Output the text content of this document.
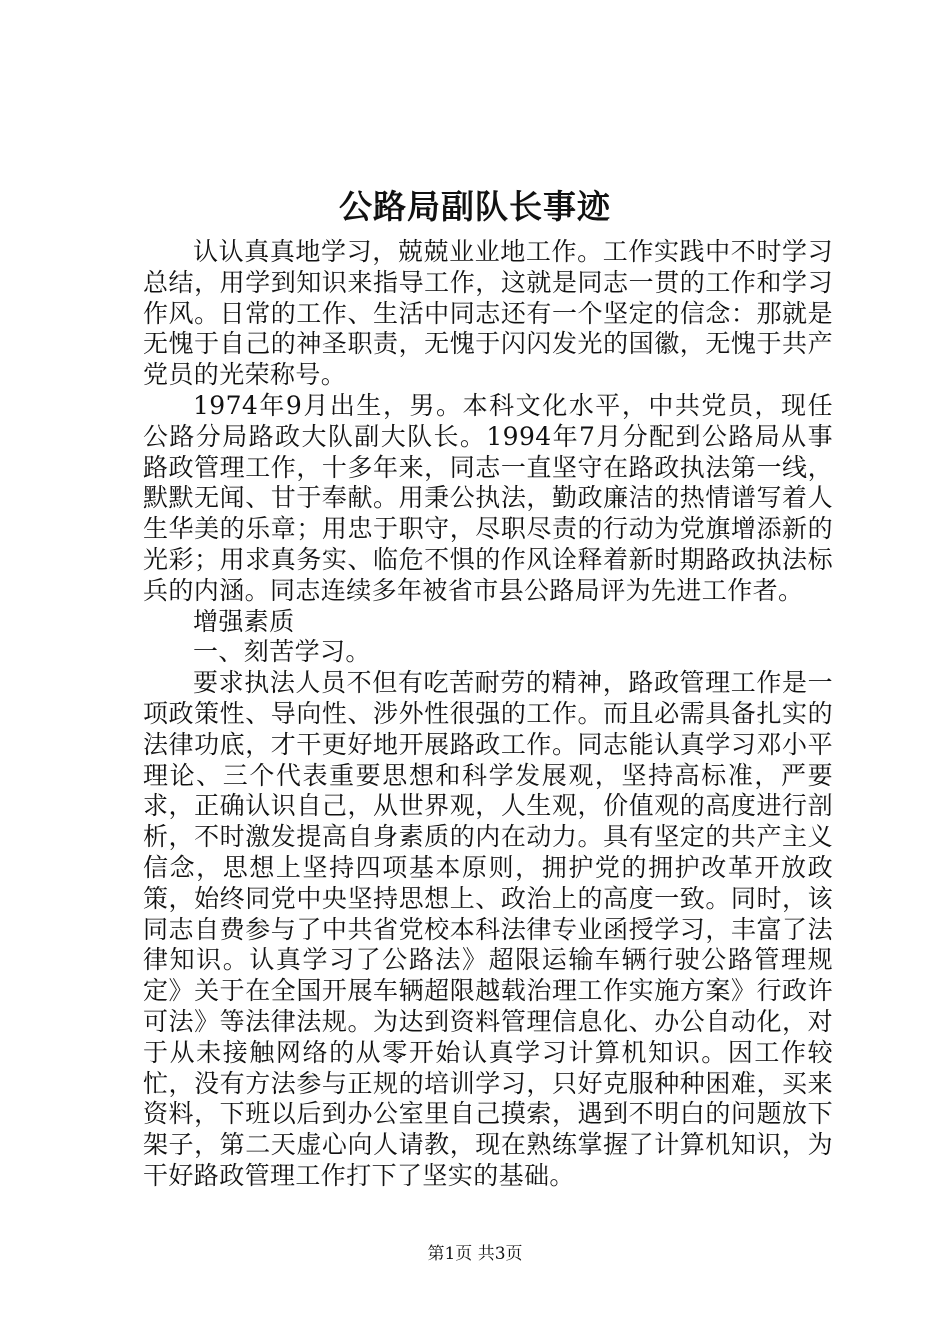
公路局副队长事迹

认认真真地学习，兢兢业业地工作。工作实践中不时学习总结，用学到知识来指导工作，这就是同志一贯的工作和学习作风。日常的工作、生活中同志还有一个坚定的信念：那就是无愧于自己的神圣职责，无愧于闪闪发光的国徽，无愧于共产党员的光荣称号。

1974年9月出生，男。本科文化水平，中共党员，现任公路分局路政大队副大队长。1994年7月分配到公路局从事路政管理工作，十多年来，同志一直坚守在路政执法第一线，默默无闻、甘于奉献。用秉公执法，勤政廉洁的热情谱写着人生华美的乐章；用忠于职守，尽职尽责的行动为党旗增添新的光彩；用求真务实、临危不惧的作风诠释着新时期路政执法标兵的内涵。同志连续多年被省市县公路局评为先进工作者。

增强素质

一、刻苦学习。

要求执法人员不但有吃苦耐劳的精神，路政管理工作是一项政策性、导向性、涉外性很强的工作。而且必需具备扎实的法律功底，才干更好地开展路政工作。同志能认真学习邓小平理论、三个代表重要思想和科学发展观，坚持高标准，严要求，正确认识自己，从世界观，人生观，价值观的高度进行剖析，不时激发提高自身素质的内在动力。具有坚定的共产主义信念，思想上坚持四项基本原则，拥护党的拥护改革开放政策，始终同党中央坚持思想上、政治上的高度一致。同时，该同志自费参与了中共省党校本科法律专业函授学习，丰富了法律知识。认真学习了公路法》超限运输车辆行驶公路管理规定》关于在全国开展车辆超限越载治理工作实施方案》行政许可法》等法律法规。为达到资料管理信息化、办公自动化，对于从未接触网络的从零开始认真学习计算机知识。因工作较忙，没有方法参与正规的培训学习，只好克服种种困难，买来资料，下班以后到办公室里自己摸索，遇到不明白的问题放下架子，第二天虚心向人请教，现在熟练掌握了计算机知识，为干好路政管理工作打下了坚实的基础。

第1页 共3页
